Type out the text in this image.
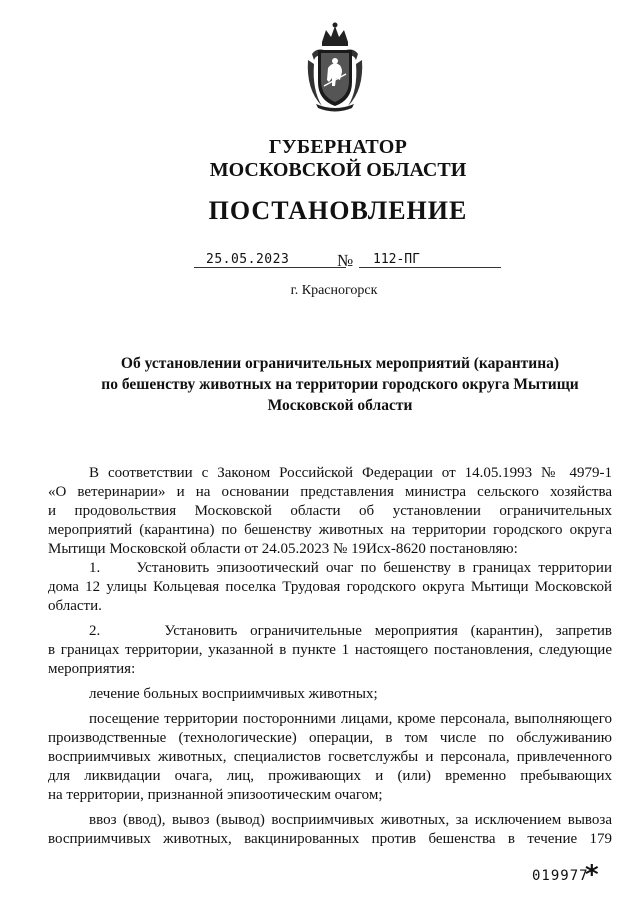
ГУБЕРНАТОР
МОСКОВСКОЙ ОБЛАСТИ
ПОСТАНОВЛЕНИЕ
25.05.2023	№	112-ПГ
г. Красногорск
Об установлении ограничительных мероприятий (карантина)
по бешенству животных на территории городского округа Мытищи
Московской области
В соответствии с Законом Российской Федерации от 14.05.1993 № 4979-1
«О ветеринарии» и на основании представления министра сельского хозяйства
и продовольствия Московской области об установлении ограничительных
мероприятий (карантина) по бешенству животных на территории городского округа
Мытищи Московской области от 24.05.2023 № 19Исх-8620 постановляю:
1.     Установить эпизоотический очаг по бешенству в границах территории
дома 12 улицы Кольцевая поселка Трудовая городского округа Мытищи Московской
области.
2.     Установить ограничительные мероприятия (карантин), запретив
в границах территории, указанной в пункте 1 настоящего постановления, следующие
мероприятия:
лечение больных восприимчивых животных;
посещение территории посторонними лицами, кроме персонала, выполняющего
производственные (технологические) операции, в том числе по обслуживанию
восприимчивых животных, специалистов госветслужбы и персонала, привлеченного
для ликвидации очага, лиц, проживающих и (или) временно пребывающих
на территории, признанной эпизоотическим очагом;
ввоз (ввод), вывоз (вывод) восприимчивых животных, за исключением вывоза
восприимчивых животных, вакцинированных против бешенства в течение 179
019977
*
